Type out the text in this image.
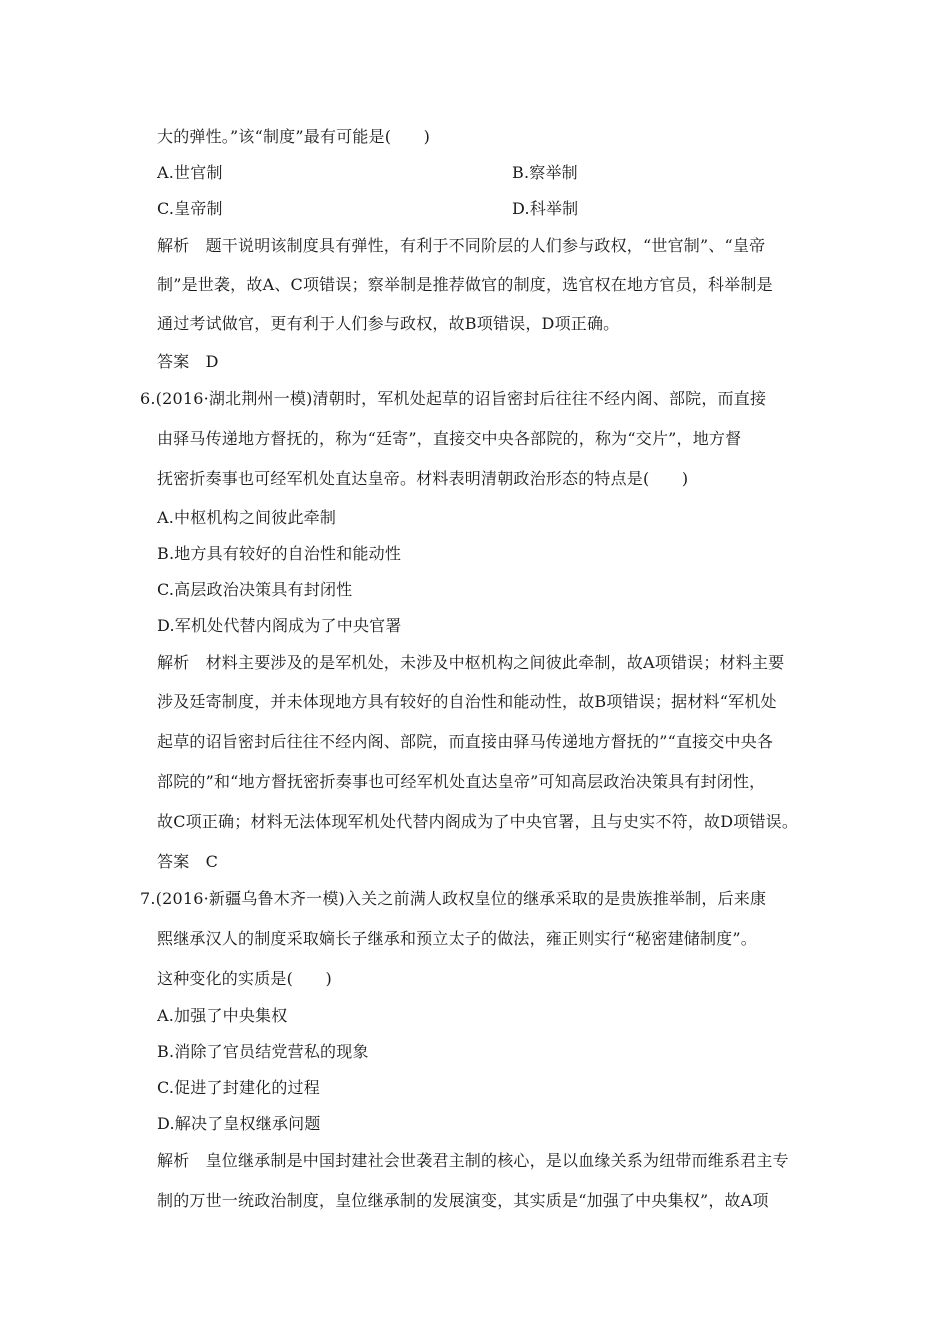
大的弹性。”该“制度”最有可能是(　　)
A.世官制	B.察举制
C.皇帝制	D.科举制
解析　题干说明该制度具有弹性，有利于不同阶层的人们参与政权，“世官制”、“皇帝
制”是世袭，故A、C项错误；察举制是推荐做官的制度，选官权在地方官员，科举制是
通过考试做官，更有利于人们参与政权，故B项错误，D项正确。
答案　D
6.(2016·湖北荆州一模)清朝时，军机处起草的诏旨密封后往往不经内阁、部院，而直接
由驿马传递地方督抚的，称为“廷寄”，直接交中央各部院的，称为“交片”，地方督
抚密折奏事也可经军机处直达皇帝。材料表明清朝政治形态的特点是(　　)
A.中枢机构之间彼此牵制
B.地方具有较好的自治性和能动性
C.高层政治决策具有封闭性
D.军机处代替内阁成为了中央官署
解析　材料主要涉及的是军机处，未涉及中枢机构之间彼此牵制，故A项错误；材料主要
涉及廷寄制度，并未体现地方具有较好的自治性和能动性，故B项错误；据材料“军机处
起草的诏旨密封后往往不经内阁、部院，而直接由驿马传递地方督抚的”“直接交中央各
部院的”和“地方督抚密折奏事也可经军机处直达皇帝”可知高层政治决策具有封闭性，
故C项正确；材料无法体现军机处代替内阁成为了中央官署，且与史实不符，故D项错误。
答案　C
7.(2016·新疆乌鲁木齐一模)入关之前满人政权皇位的继承采取的是贵族推举制，后来康
熙继承汉人的制度采取嫡长子继承和预立太子的做法，雍正则实行“秘密建储制度”。
这种变化的实质是(　　)
A.加强了中央集权
B.消除了官员结党营私的现象
C.促进了封建化的过程
D.解决了皇权继承问题
解析　皇位继承制是中国封建社会世袭君主制的核心，是以血缘关系为纽带而维系君主专
制的万世一统政治制度，皇位继承制的发展演变，其实质是“加强了中央集权”，故A项
